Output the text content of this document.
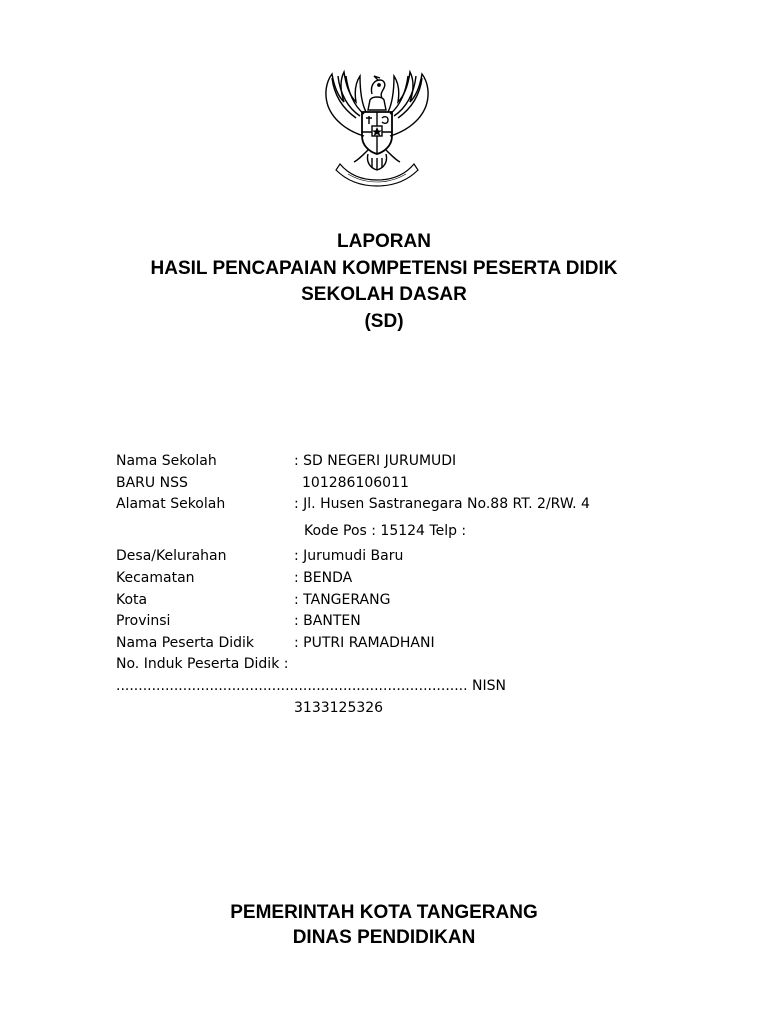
LAPORAN
HASIL PENCAPAIAN KOMPETENSI PESERTA DIDIK
SEKOLAH DASAR
(SD)
Nama Sekolah	: SD NEGERI JURUMUDI
BARU NSS	101286106011
Alamat Sekolah	: Jl. Husen Sastranegara No.88 RT. 2/RW. 4
Kode Pos : 15124 Telp :
Desa/Kelurahan	: Jurumudi Baru
Kecamatan	: BENDA
Kota	: TANGERANG
Provinsi	: BANTEN
Nama Peserta Didik	: PUTRI RAMADHANI
No. Induk Peserta Didik :
............................................................................... NISN
3133125326
PEMERINTAH KOTA TANGERANG
DINAS PENDIDIKAN
